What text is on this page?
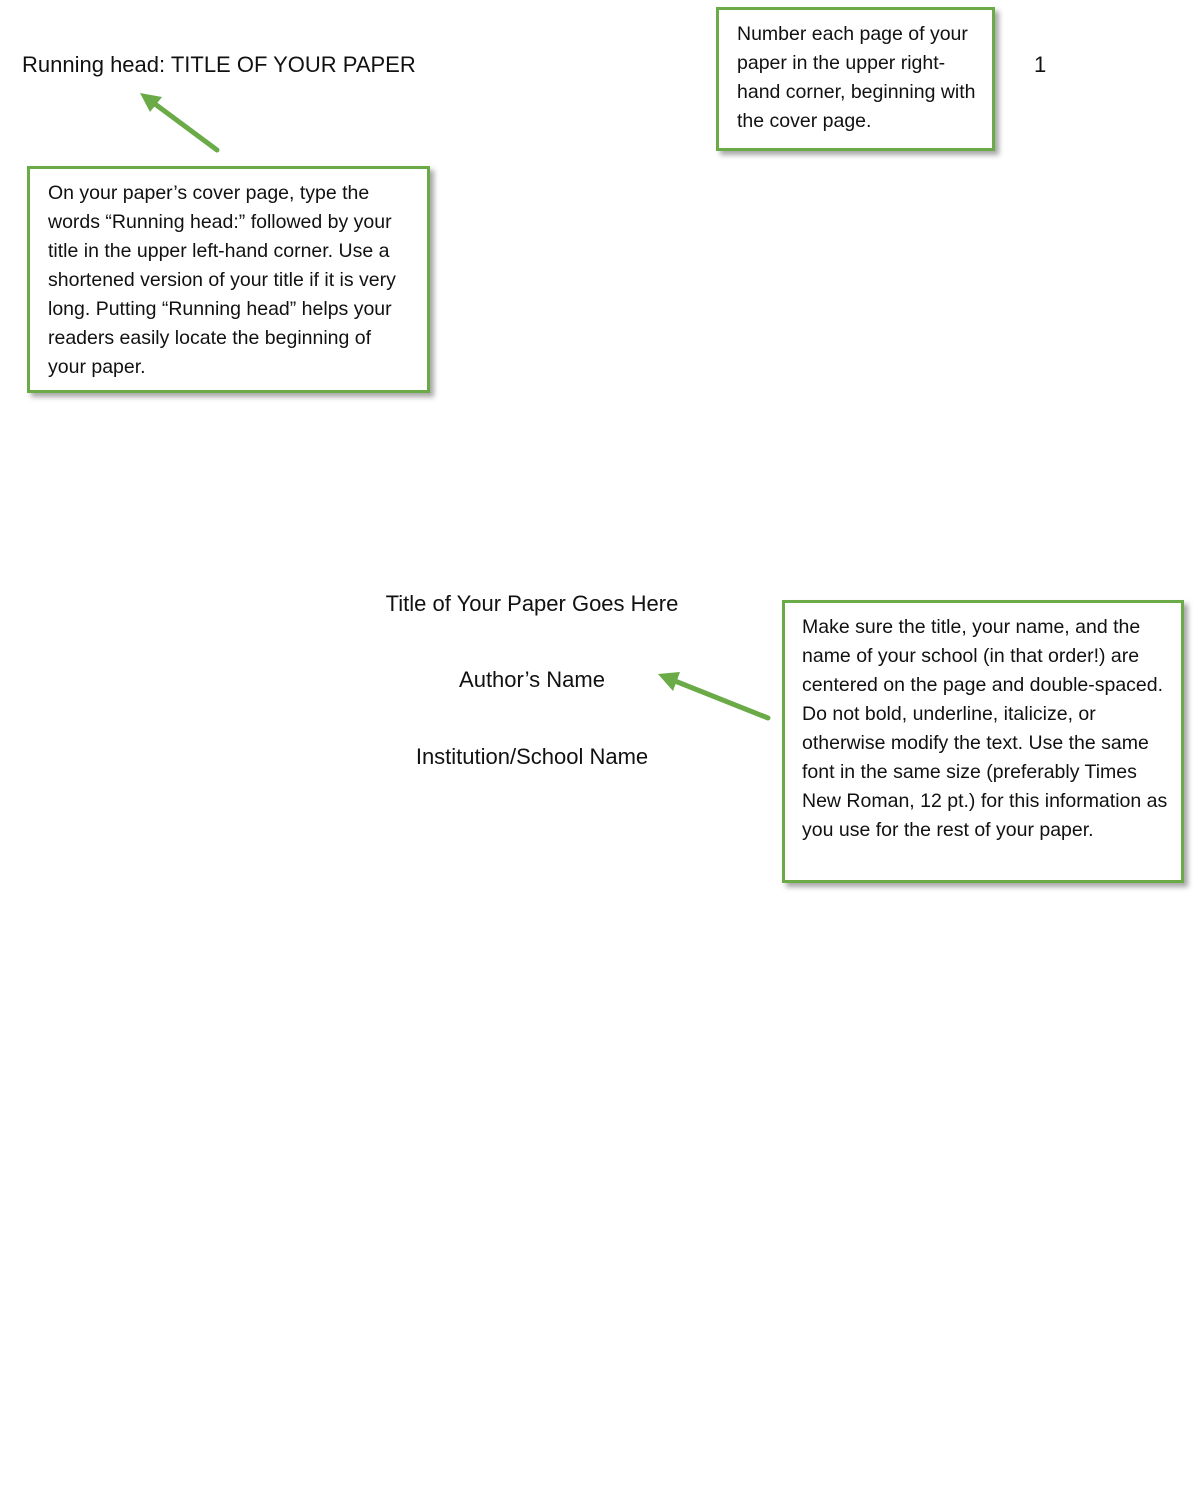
Running head: TITLE OF YOUR PAPER	1
Title of Your Paper Goes Here
Author’s Name
Institution/School Name

Number each page of your paper in the upper right-hand corner, beginning with the cover page.

On your paper’s cover page, type the words “Running head:” followed by your title in the upper left-hand corner. Use a shortened version of your title if it is very long. Putting “Running head” helps your readers easily locate the beginning of your paper.

Make sure the title, your name, and the name of your school (in that order!) are centered on the page and double-spaced. Do not bold, underline, italicize, or otherwise modify the text. Use the same font in the same size (preferably Times New Roman, 12 pt.) for this information as you use for the rest of your paper.
